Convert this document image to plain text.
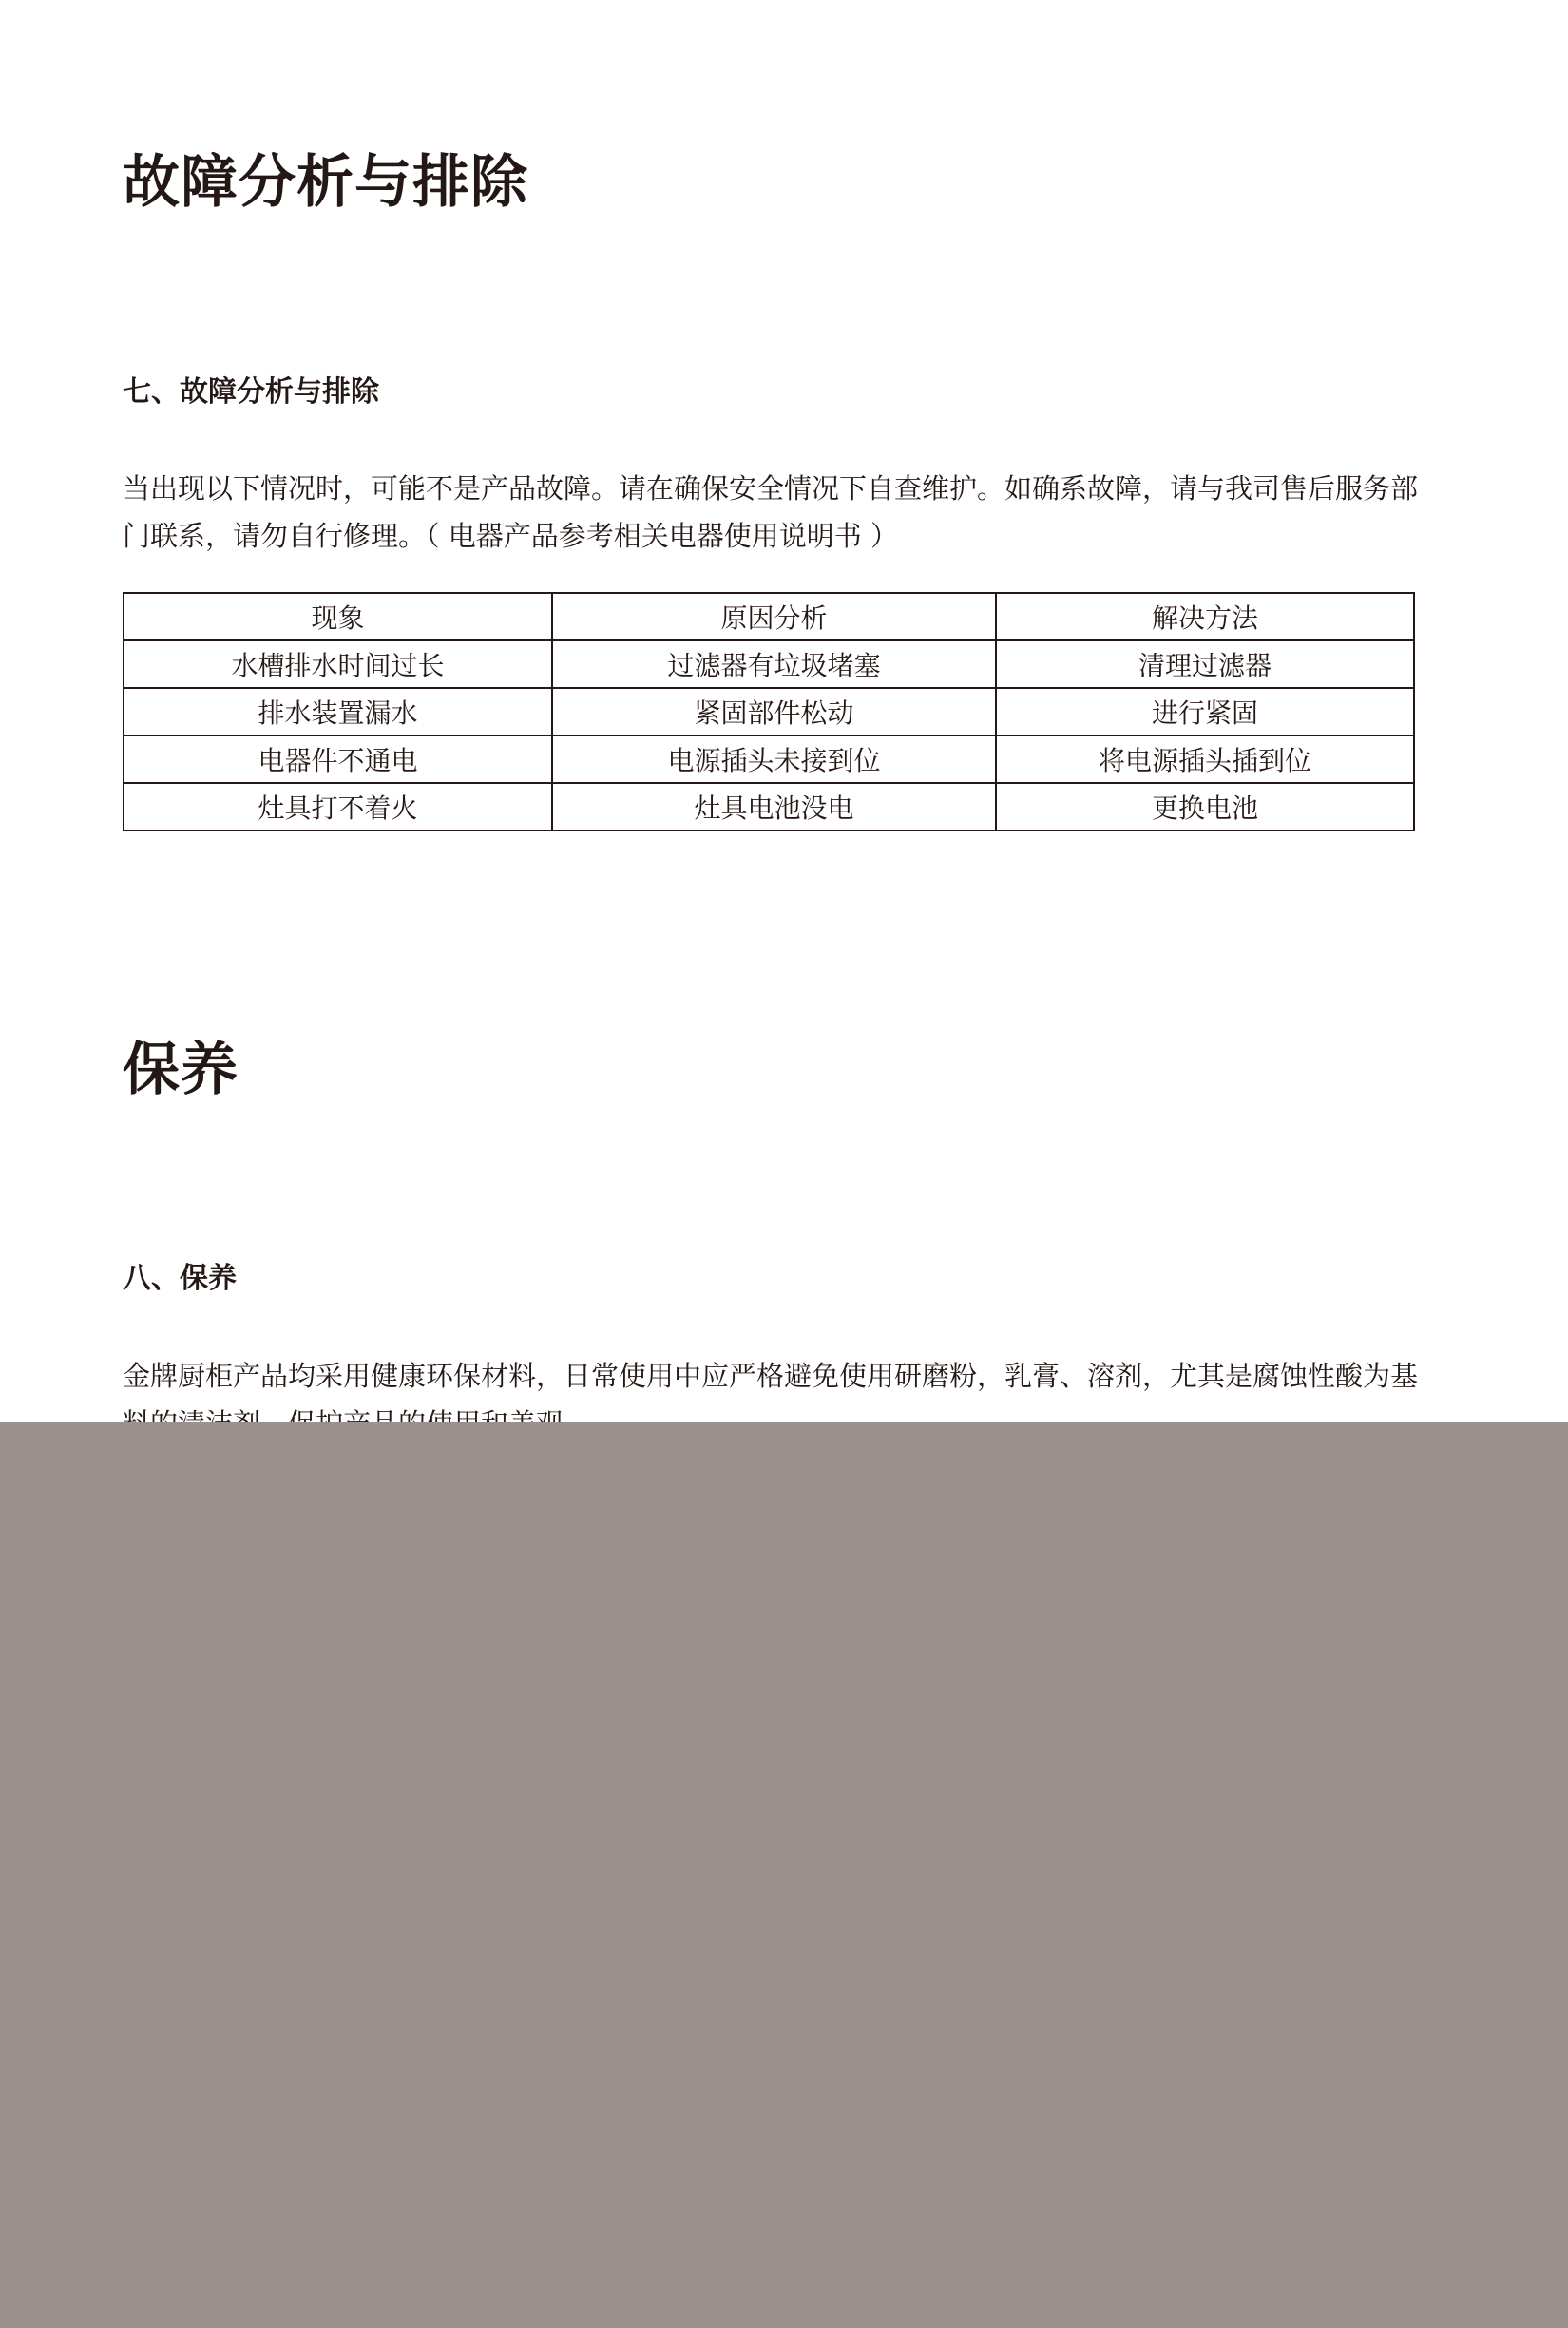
故障分析与排除
七、故障分析与排除

当出现以下情况时，可能不是产品故障。请在确保安全情况下自查维护。如确系故障，请与我司售后服务部门联系，请勿自行修理。（ 电器产品参考相关电器使用说明书 ）

现象	原因分析	解决方法
水槽排水时间过长	过滤器有垃圾堵塞	清理过滤器
排水装置漏水	紧固部件松动	进行紧固
电器件不通电	电源插头未接到位	将电源插头插到位
灶具打不着火	灶具电池没电	更换电池
保养
八、保养

金牌厨柜产品均采用健康环保材料，日常使用中应严格避免使用研磨粉，乳膏、溶剂，尤其是腐蚀性酸为基
